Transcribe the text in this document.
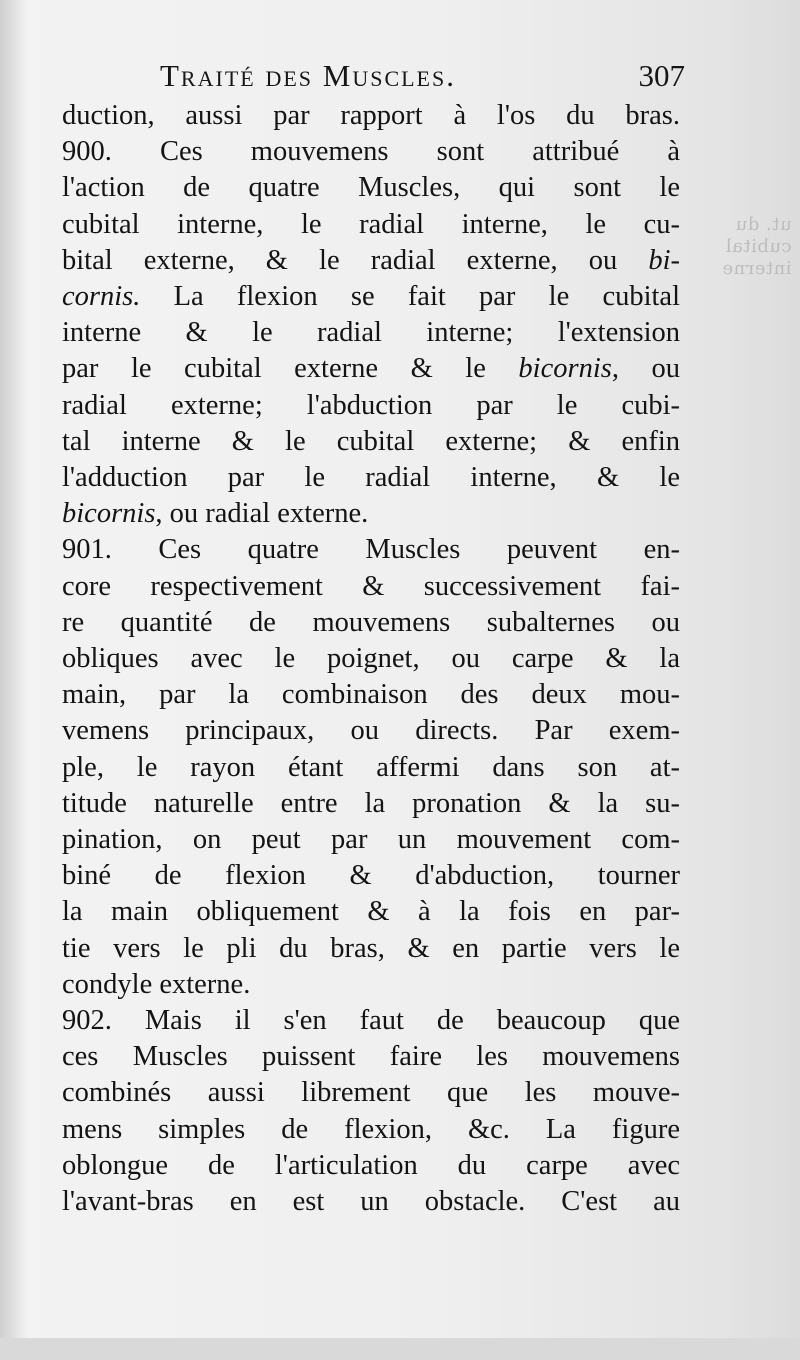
ut. du
cubital
interne
Traité des Muscles.	307
duction, aussi par rapport à l'os du bras.
900. Ces mouvemens sont attribué à
l'action de quatre Muscles, qui sont le
cubital interne, le radial interne, le cu-
bital externe, & le radial externe, ou bi-
cornis. La flexion se fait par le cubital
interne & le radial interne; l'extension
par le cubital externe & le bicornis, ou
radial externe; l'abduction par le cubi-
tal interne & le cubital externe; & enfin
l'adduction par le radial interne, & le
bicornis, ou radial externe.
901. Ces quatre Muscles peuvent en-
core respectivement & successivement fai-
re quantité de mouvemens subalternes ou
obliques avec le poignet, ou carpe & la
main, par la combinaison des deux mou-
vemens principaux, ou directs. Par exem-
ple, le rayon étant affermi dans son at-
titude naturelle entre la pronation & la su-
pination, on peut par un mouvement com-
biné de flexion & d'abduction, tourner
la main obliquement & à la fois en par-
tie vers le pli du bras, & en partie vers le
condyle externe.
902. Mais il s'en faut de beaucoup que
ces Muscles puissent faire les mouvemens
combinés aussi librement que les mouve-
mens simples de flexion, &c. La figure
oblongue de l'articulation du carpe avec
l'avant-bras en est un obstacle. C'est au
